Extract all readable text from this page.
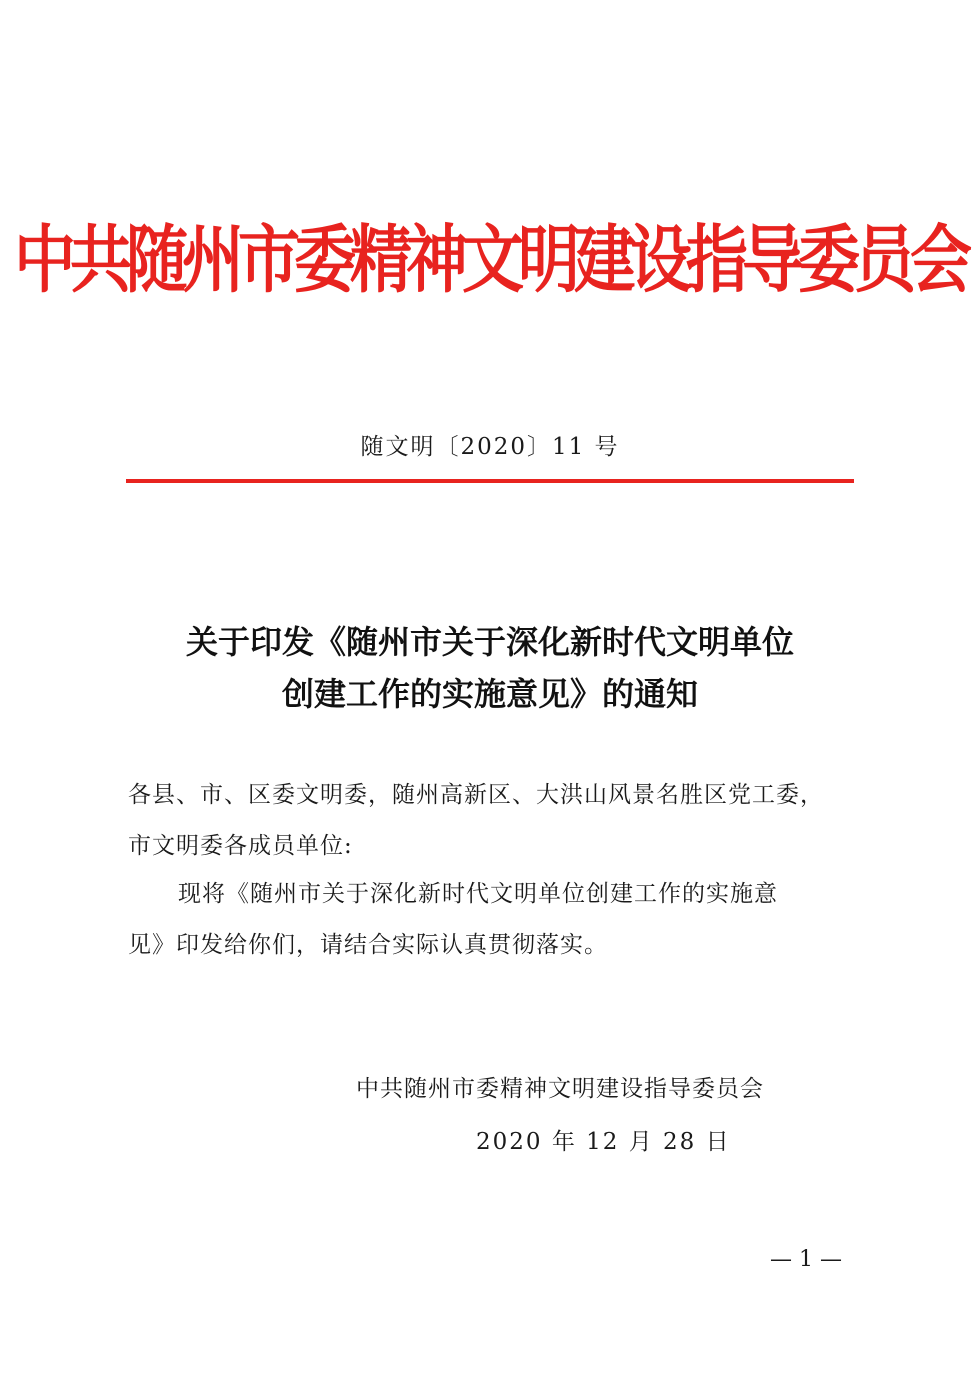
中共随州市委精神文明建设指导委员会
随文明〔2020〕11 号
关于印发《随州市关于深化新时代文明单位
创建工作的实施意见》的通知
各县、市、区委文明委，随州高新区、大洪山风景名胜区党工委，
市文明委各成员单位:
现将《随州市关于深化新时代文明单位创建工作的实施意
见》印发给你们，请结合实际认真贯彻落实。
中共随州市委精神文明建设指导委员会
2020 年 12 月 28 日
— 1 —
